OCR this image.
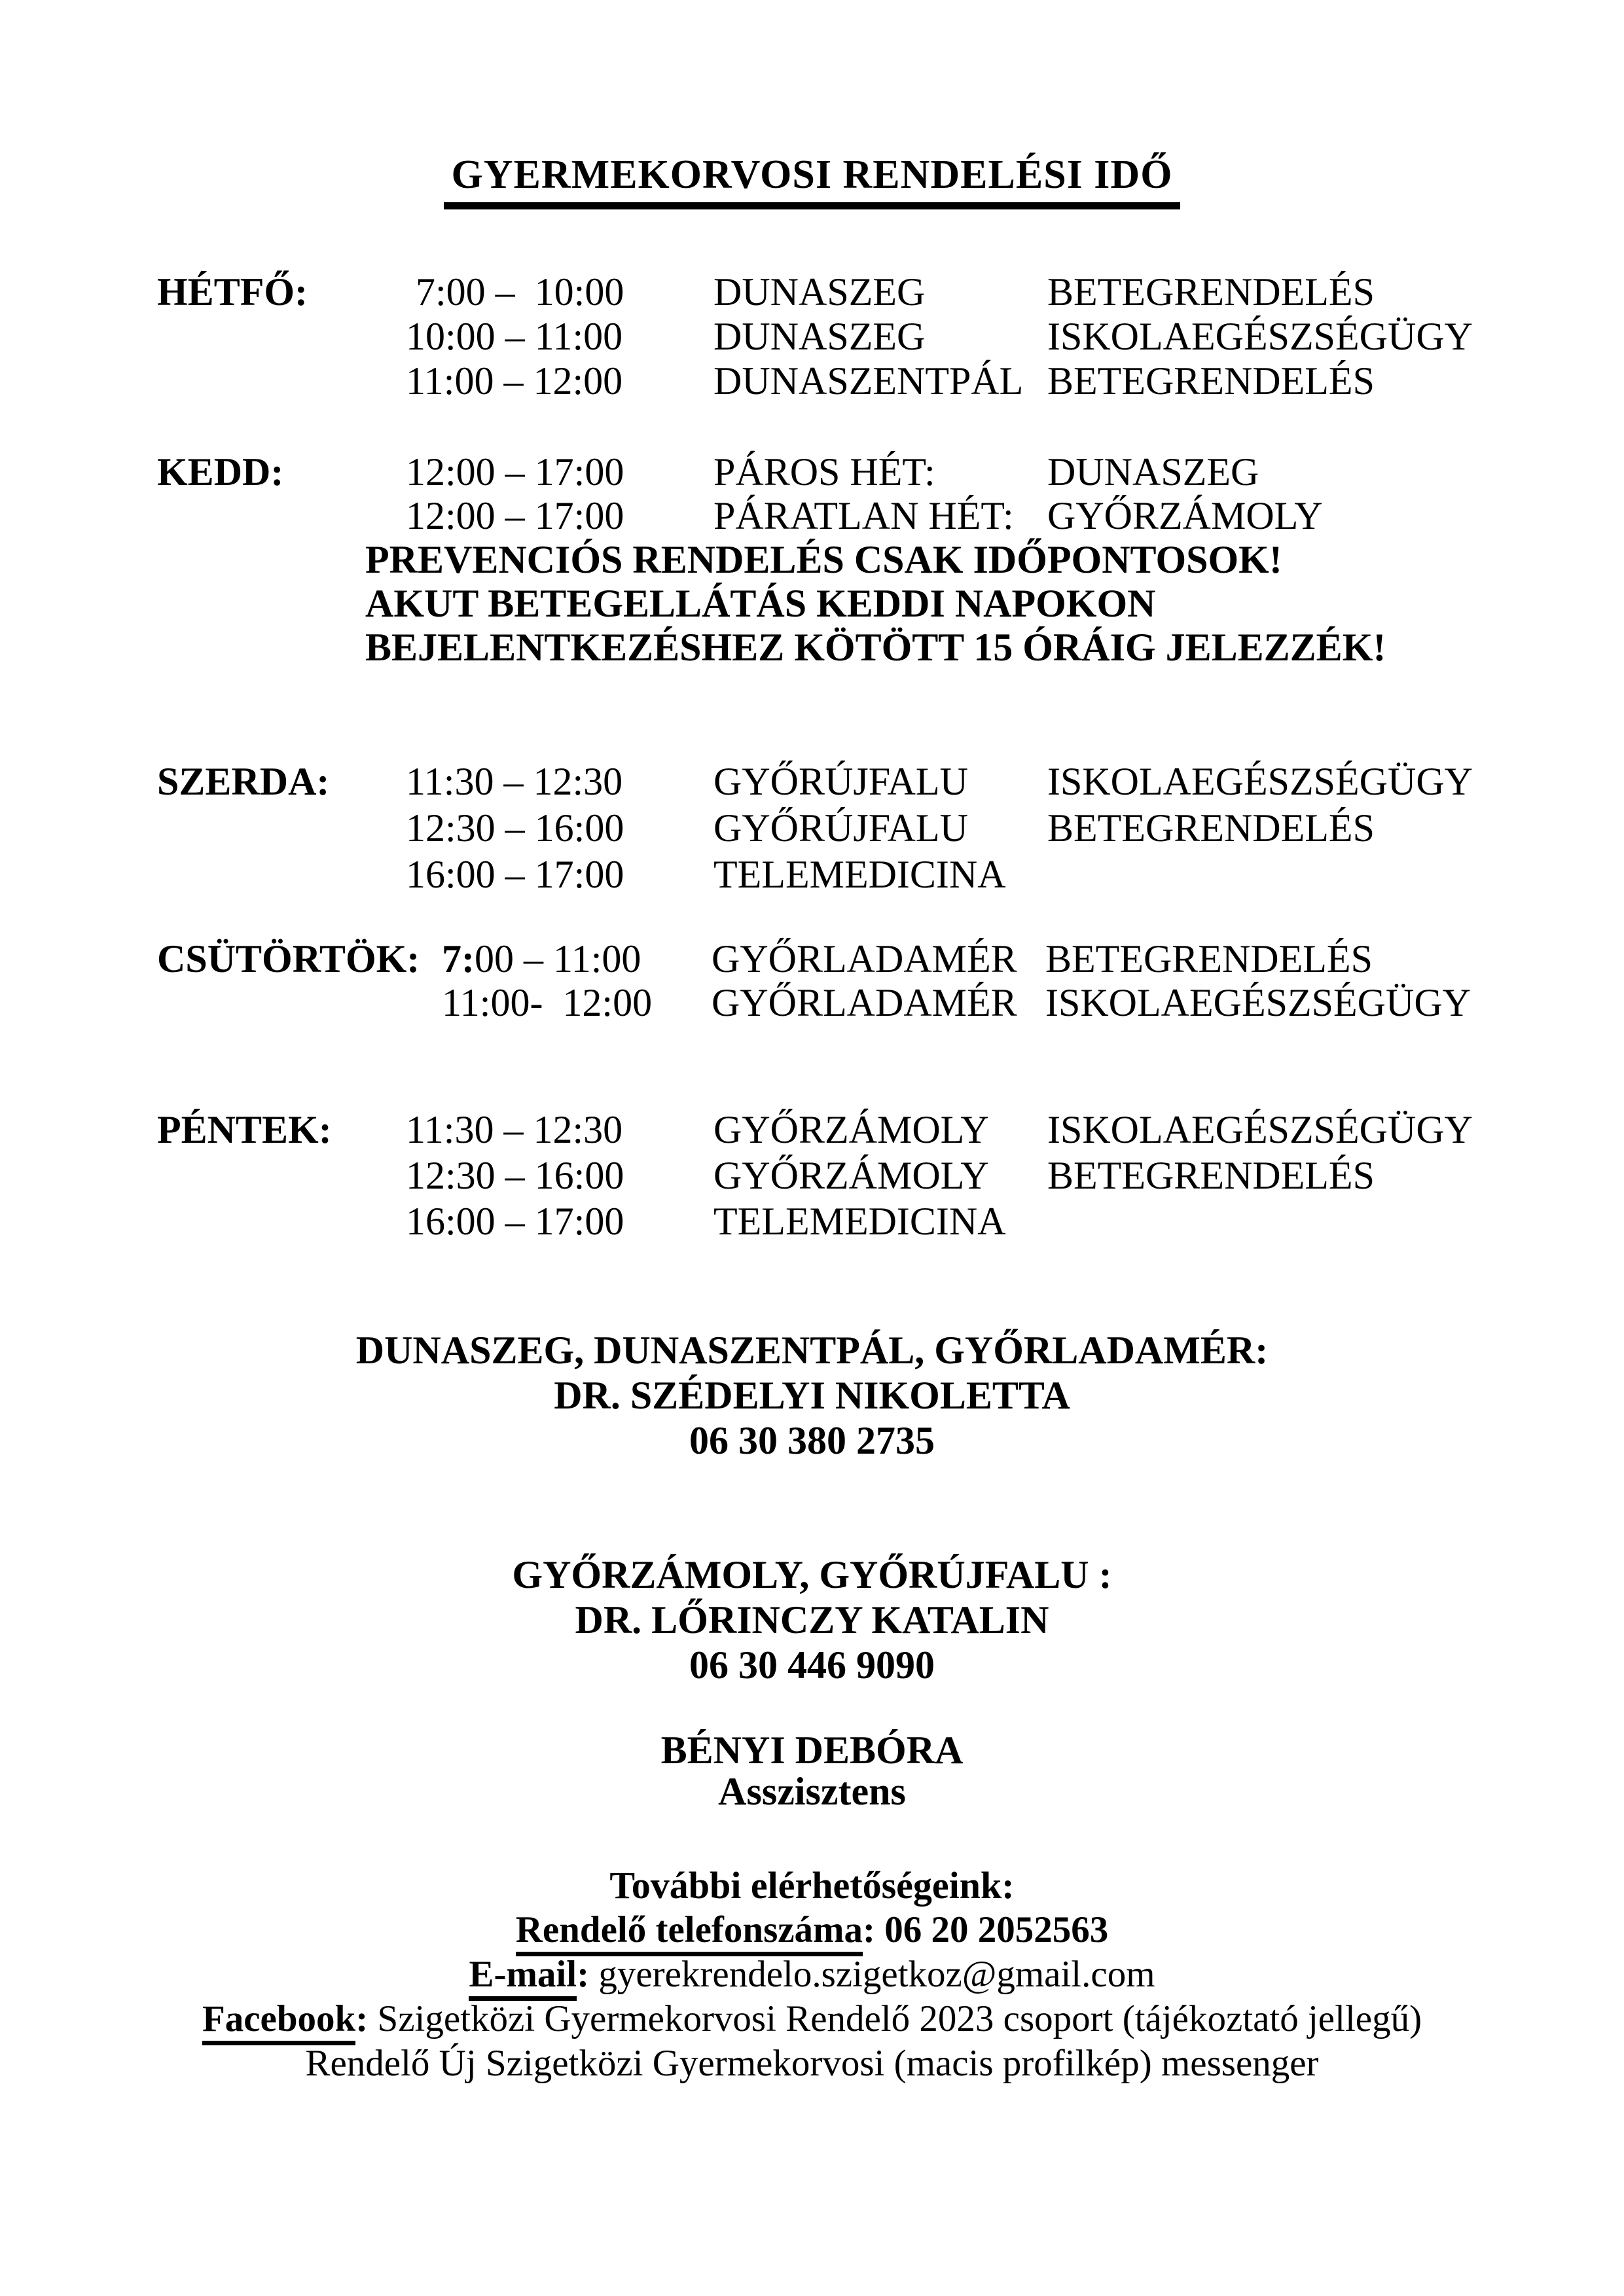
GYERMEKORVOSI RENDELÉSI IDŐ
HÉTFŐ:	7:00 –  10:00	DUNASZEG	BETEGRENDELÉS
10:00 – 11:00	DUNASZEG	ISKOLAEGÉSZSÉGÜGY
11:00 – 12:00	DUNASZENTPÁL BETEGRENDELÉS
KEDD:	12:00 – 17:00	PÁROS HÉT:	DUNASZEG
12:00 – 17:00	PÁRATLAN HÉT: GYŐRZÁMOLY
PREVENCIÓS RENDELÉS CSAK IDŐPONTOSOK!
AKUT BETEGELLÁTÁS KEDDI NAPOKON
BEJELENTKEZÉSHEZ KÖTÖTT 15 ÓRÁIG JELEZZÉK!
SZERDA:	11:30 – 12:30	GYŐRÚJFALU	ISKOLAEGÉSZSÉGÜGY
12:30 – 16:00	GYŐRÚJFALU	BETEGRENDELÉS
16:00 – 17:00	TELEMEDICINA
CSÜTÖRTÖK: 7:00 – 11:00	GYŐRLADAMÉR BETEGRENDELÉS
11:00-  12:00	GYŐRLADAMÉR ISKOLAEGÉSZSÉGÜGY
PÉNTEK:	11:30 – 12:30	GYŐRZÁMOLY	ISKOLAEGÉSZSÉGÜGY
12:30 – 16:00	GYŐRZÁMOLY	BETEGRENDELÉS
16:00 – 17:00	TELEMEDICINA
DUNASZEG, DUNASZENTPÁL, GYŐRLADAMÉR:
DR. SZÉDELYI NIKOLETTA
06 30 380 2735
GYŐRZÁMOLY, GYŐRÚJFALU :
DR. LŐRINCZY KATALIN
06 30 446 9090
BÉNYI DEBÓRA
Asszisztens
További elérhetőségeink:
Rendelő telefonszáma: 06 20 2052563
E-mail: gyerekrendelo.szigetkoz@gmail.com
Facebook: Szigetközi Gyermekorvosi Rendelő 2023 csoport (tájékoztató jellegű)
Rendelő Új Szigetközi Gyermekorvosi (macis profilkép) messenger
